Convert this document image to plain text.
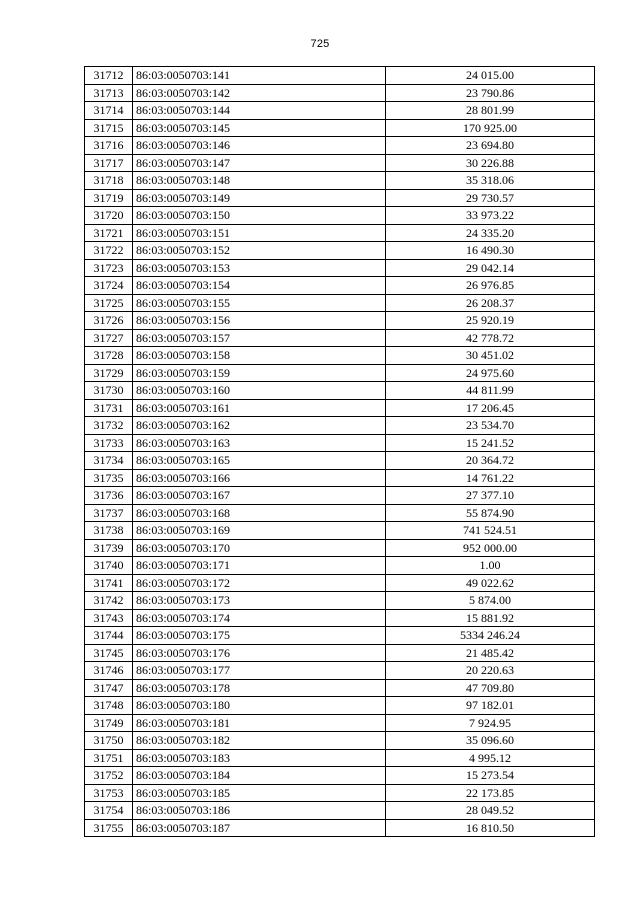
725
31712	86:03:0050703:141	24 015.00
31713	86:03:0050703:142	23 790.86
31714	86:03:0050703:144	28 801.99
31715	86:03:0050703:145	170 925.00
31716	86:03:0050703:146	23 694.80
31717	86:03:0050703:147	30 226.88
31718	86:03:0050703:148	35 318.06
31719	86:03:0050703:149	29 730.57
31720	86:03:0050703:150	33 973.22
31721	86:03:0050703:151	24 335.20
31722	86:03:0050703:152	16 490.30
31723	86:03:0050703:153	29 042.14
31724	86:03:0050703:154	26 976.85
31725	86:03:0050703:155	26 208.37
31726	86:03:0050703:156	25 920.19
31727	86:03:0050703:157	42 778.72
31728	86:03:0050703:158	30 451.02
31729	86:03:0050703:159	24 975.60
31730	86:03:0050703:160	44 811.99
31731	86:03:0050703:161	17 206.45
31732	86:03:0050703:162	23 534.70
31733	86:03:0050703:163	15 241.52
31734	86:03:0050703:165	20 364.72
31735	86:03:0050703:166	14 761.22
31736	86:03:0050703:167	27 377.10
31737	86:03:0050703:168	55 874.90
31738	86:03:0050703:169	741 524.51
31739	86:03:0050703:170	952 000.00
31740	86:03:0050703:171	1.00
31741	86:03:0050703:172	49 022.62
31742	86:03:0050703:173	5 874.00
31743	86:03:0050703:174	15 881.92
31744	86:03:0050703:175	5334 246.24
31745	86:03:0050703:176	21 485.42
31746	86:03:0050703:177	20 220.63
31747	86:03:0050703:178	47 709.80
31748	86:03:0050703:180	97 182.01
31749	86:03:0050703:181	7 924.95
31750	86:03:0050703:182	35 096.60
31751	86:03:0050703:183	4 995.12
31752	86:03:0050703:184	15 273.54
31753	86:03:0050703:185	22 173.85
31754	86:03:0050703:186	28 049.52
31755	86:03:0050703:187	16 810.50
